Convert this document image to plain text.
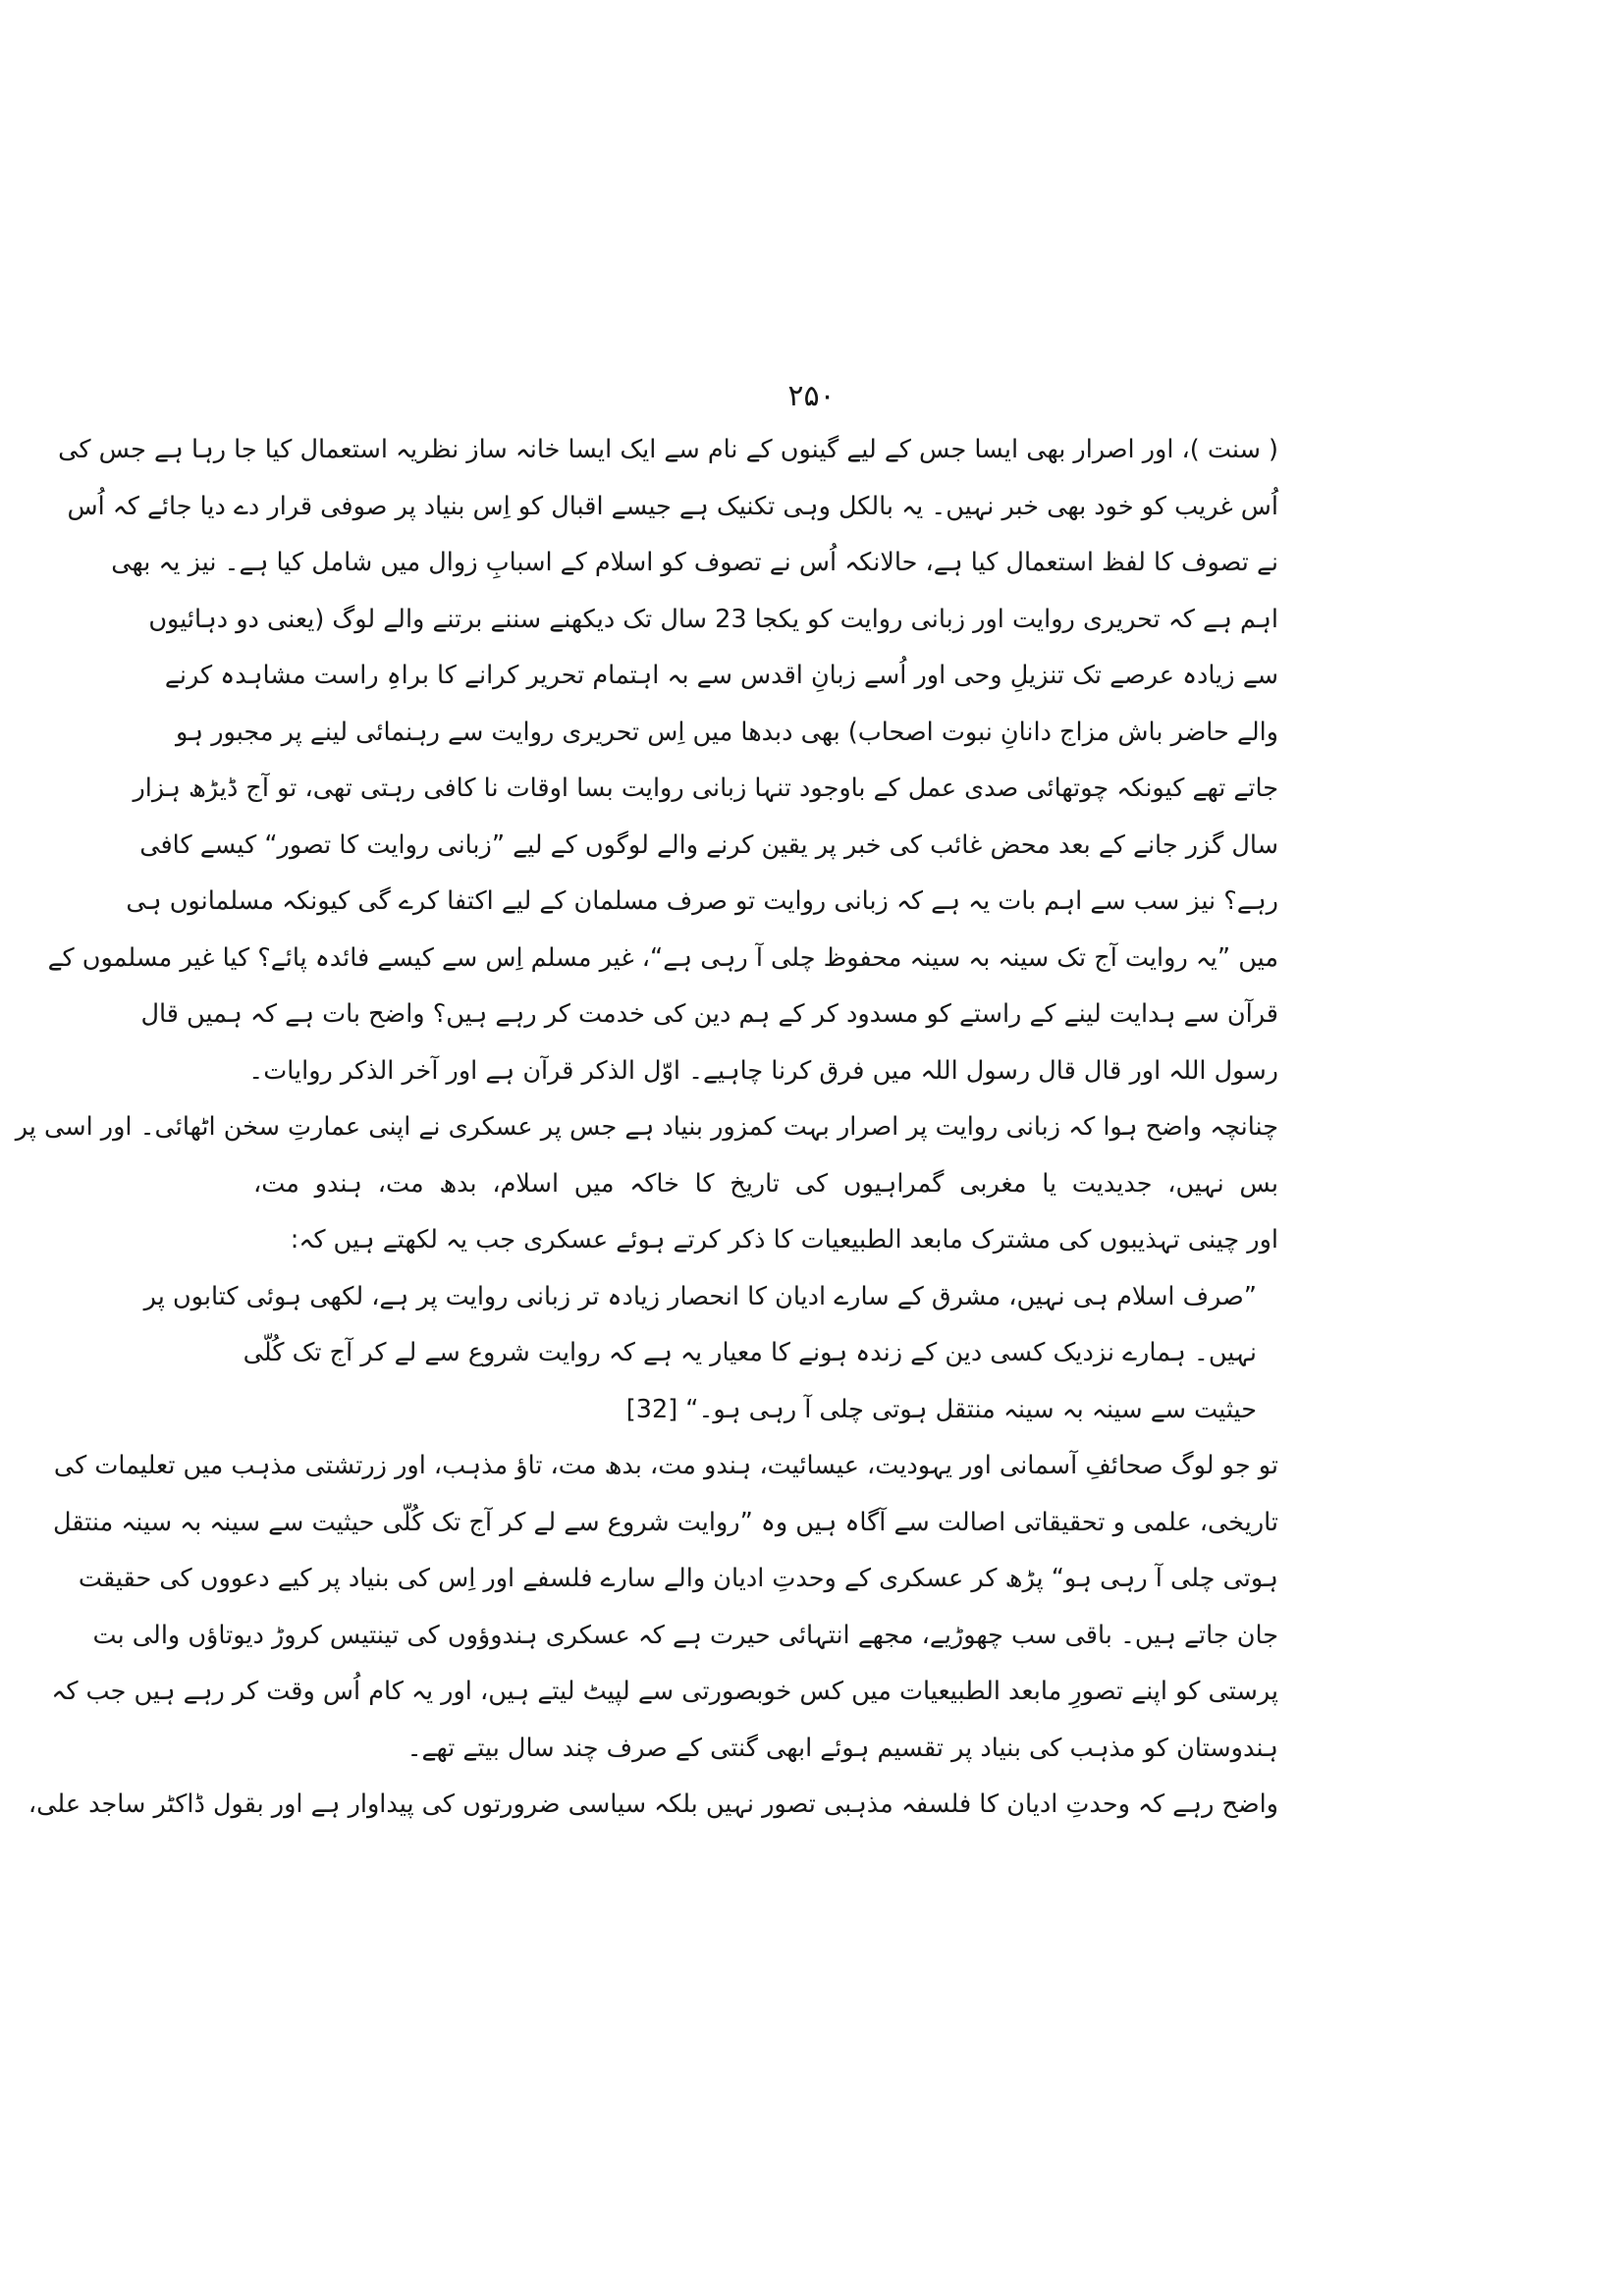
۲۵۰
( سنت )، اور اصرار بھی ایسا جس کے لیے گینوں کے نام سے ایک ایسا خانہ ساز نظریہ استعمال کیا جا رہا ہے جس کی
اُس غریب کو خود بھی خبر نہیں۔ یہ بالکل وہی تکنیک ہے جیسے اقبال کو اِس بنیاد پر صوفی قرار دے دیا جائے کہ اُس
نے تصوف کا لفظ استعمال کیا ہے، حالانکہ اُس نے تصوف کو اسلام کے اسبابِ زوال میں شامل کیا ہے۔ نیز یہ بھی
اہم ہے کہ تحریری روایت اور زبانی روایت کو یکجا 23 سال تک دیکھنے سننے برتنے والے لوگ (یعنی دو دہائیوں
سے زیادہ عرصے تک تنزیلِ وحی اور اُسے زبانِ اقدس سے بہ اہتمام تحریر کرانے کا براہِ راست مشاہدہ کرنے
والے حاضر باش مزاج دانانِ نبوت اصحاب) بھی دبدھا میں اِس تحریری روایت سے رہنمائی لینے پر مجبور ہو
جاتے تھے کیونکہ چوتھائی صدی عمل کے باوجود تنہا زبانی روایت بسا اوقات نا کافی رہتی تھی، تو آج ڈیڑھ ہزار
سال گزر جانے کے بعد محض غائب کی خبر پر یقین کرنے والے لوگوں کے لیے ”زبانی روایت کا تصور“ کیسے کافی
رہے؟ نیز سب سے اہم بات یہ ہے کہ زبانی روایت تو صرف مسلمان کے لیے اکتفا کرے گی کیونکہ مسلمانوں ہی
میں ”یہ روایت آج تک سینہ بہ سینہ محفوظ چلی آ رہی ہے“، غیر مسلم اِس سے کیسے فائدہ پائے؟ کیا غیر مسلموں کے
قرآن سے ہدایت لینے کے راستے کو مسدود کر کے ہم دین کی خدمت کر رہے ہیں؟ واضح بات ہے کہ ہمیں قال
رسول اللہ اور قال قال رسول اللہ میں فرق کرنا چاہیے۔ اوّل الذکر قرآن ہے اور آخر الذکر روایات۔
چنانچہ واضح ہوا کہ زبانی روایت پر اصرار بہت کمزور بنیاد ہے جس پر عسکری نے اپنی عمارتِ سخن اٹھائی۔ اور اسی پر
بس نہیں، جدیدیت یا مغربی گمراہیوں کی تاریخ کا خاکہ میں اسلام، بدھ مت، ہندو مت،
اور چینی تہذیبوں کی مشترک مابعد الطبیعیات کا ذکر کرتے ہوئے عسکری جب یہ لکھتے ہیں کہ:
”صرف اسلام ہی نہیں، مشرق کے سارے ادیان کا انحصار زیادہ تر زبانی روایت پر ہے، لکھی ہوئی کتابوں پر
نہیں۔ ہمارے نزدیک کسی دین کے زندہ ہونے کا معیار یہ ہے کہ روایت شروع سے لے کر آج تک کُلّی
حیثیت سے سینہ بہ سینہ منتقل ہوتی چلی آ رہی ہو۔“ [32]
تو جو لوگ صحائفِ آسمانی اور یہودیت، عیسائیت، ہندو مت، بدھ مت، تاؤ مذہب، اور زرتشتی مذہب میں تعلیمات کی
تاریخی، علمی و تحقیقاتی اصالت سے آگاہ ہیں وہ ”روایت شروع سے لے کر آج تک کُلّی حیثیت سے سینہ بہ سینہ منتقل
ہوتی چلی آ رہی ہو“ پڑھ کر عسکری کے وحدتِ ادیان والے سارے فلسفے اور اِس کی بنیاد پر کیے دعووں کی حقیقت
جان جاتے ہیں۔ باقی سب چھوڑیے، مجھے انتہائی حیرت ہے کہ عسکری ہندوؤوں کی تینتیس کروڑ دیوتاؤں والی بت
پرستی کو اپنے تصورِ مابعد الطبیعیات میں کس خوبصورتی سے لپیٹ لیتے ہیں، اور یہ کام اُس وقت کر رہے ہیں جب کہ
ہندوستان کو مذہب کی بنیاد پر تقسیم ہوئے ابھی گنتی کے صرف چند سال بیتے تھے۔
واضح رہے کہ وحدتِ ادیان کا فلسفہ مذہبی تصور نہیں بلکہ سیاسی ضرورتوں کی پیداوار ہے اور بقول ڈاکٹر ساجد علی،
